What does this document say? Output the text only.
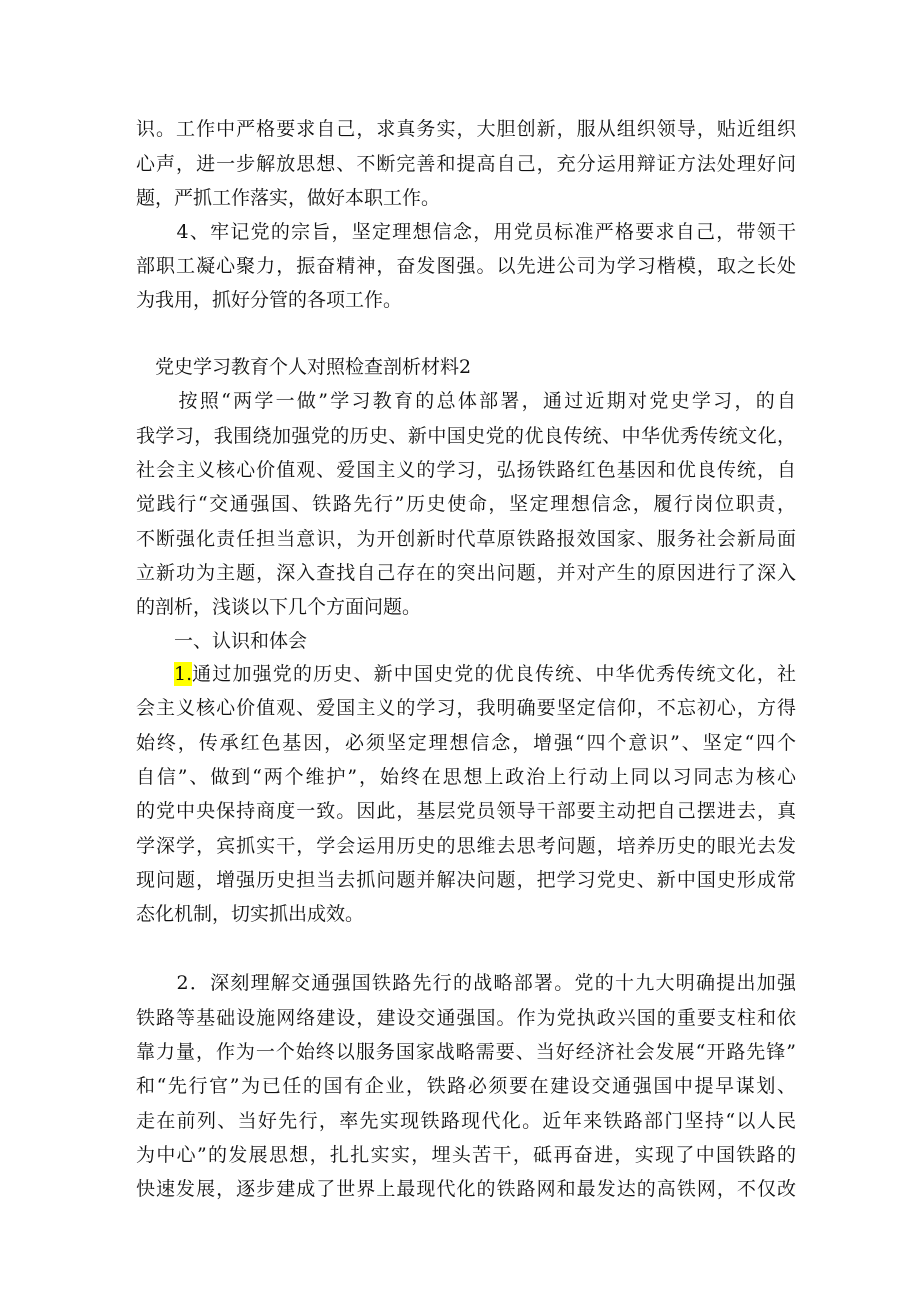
识。工作中严格要求自己，求真务实，大胆创新，服从组织领导，贴近组织
心声，进一步解放思想、不断完善和提高自己，充分运用辩证方法处理好问
题，严抓工作落实，做好本职工作。
　　4、牢记党的宗旨，坚定理想信念，用党员标准严格要求自己，带领干
部职工凝心聚力，振奋精神，奋发图强。以先进公司为学习楷模，取之长处
为我用，抓好分管的各项工作。
　党史学习教育个人对照检查剖析材料2
　　按照“两学一做”学习教育的总体部署，通过近期对党史学习，的自
我学习，我围绕加强党的历史、新中国史党的优良传统、中华优秀传统文化，
社会主义核心价值观、爱国主义的学习，弘扬铁路红色基因和优良传统，自
觉践行“交通强国、铁路先行”历史使命，坚定理想信念，履行岗位职责，
不断强化责任担当意识，为开创新时代草原铁路报效国家、服务社会新局面
立新功为主题，深入查找自己存在的突出问题，并对产生的原因进行了深入
的剖析，浅谈以下几个方面问题。
　　一、认识和体会
1. 通过加强党的历史、新中国史党的优良传统、中华优秀传统文化，社
会主义核心价值观、爱国主义的学习，我明确要坚定信仰，不忘初心，方得
始终，传承红色基因，必须坚定理想信念，增强“四个意识”、坚定“四个
自信”、做到“两个维护”，始终在思想上政治上行动上同以习同志为核心
的党中央保持商度一致。因此，基层党员领导干部要主动把自己摆进去，真
学深学，宾抓实干，学会运用历史的思维去思考问题，培养历史的眼光去发
现问题，增强历史担当去抓问题并解决问题，把学习党史、新中国史形成常
态化机制，切实抓出成效。
　　2．深刻理解交通强国铁路先行的战略部署。党的十九大明确提出加强
铁路等基础设施网络建设，建设交通强国。作为党执政兴国的重要支柱和依
靠力量，作为一个始终以服务国家战略需要、当好经济社会发展“开路先锋”
和“先行官”为已任的国有企业，铁路必须要在建设交通强国中提早谋划、
走在前列、当好先行，率先实现铁路现代化。近年来铁路部门坚持“以人民
为中心”的发展思想，扎扎实实，埋头苦干，砥再奋进，实现了中国铁路的
快速发展，逐步建成了世界上最现代化的铁路网和最发达的高铁网，不仅改
